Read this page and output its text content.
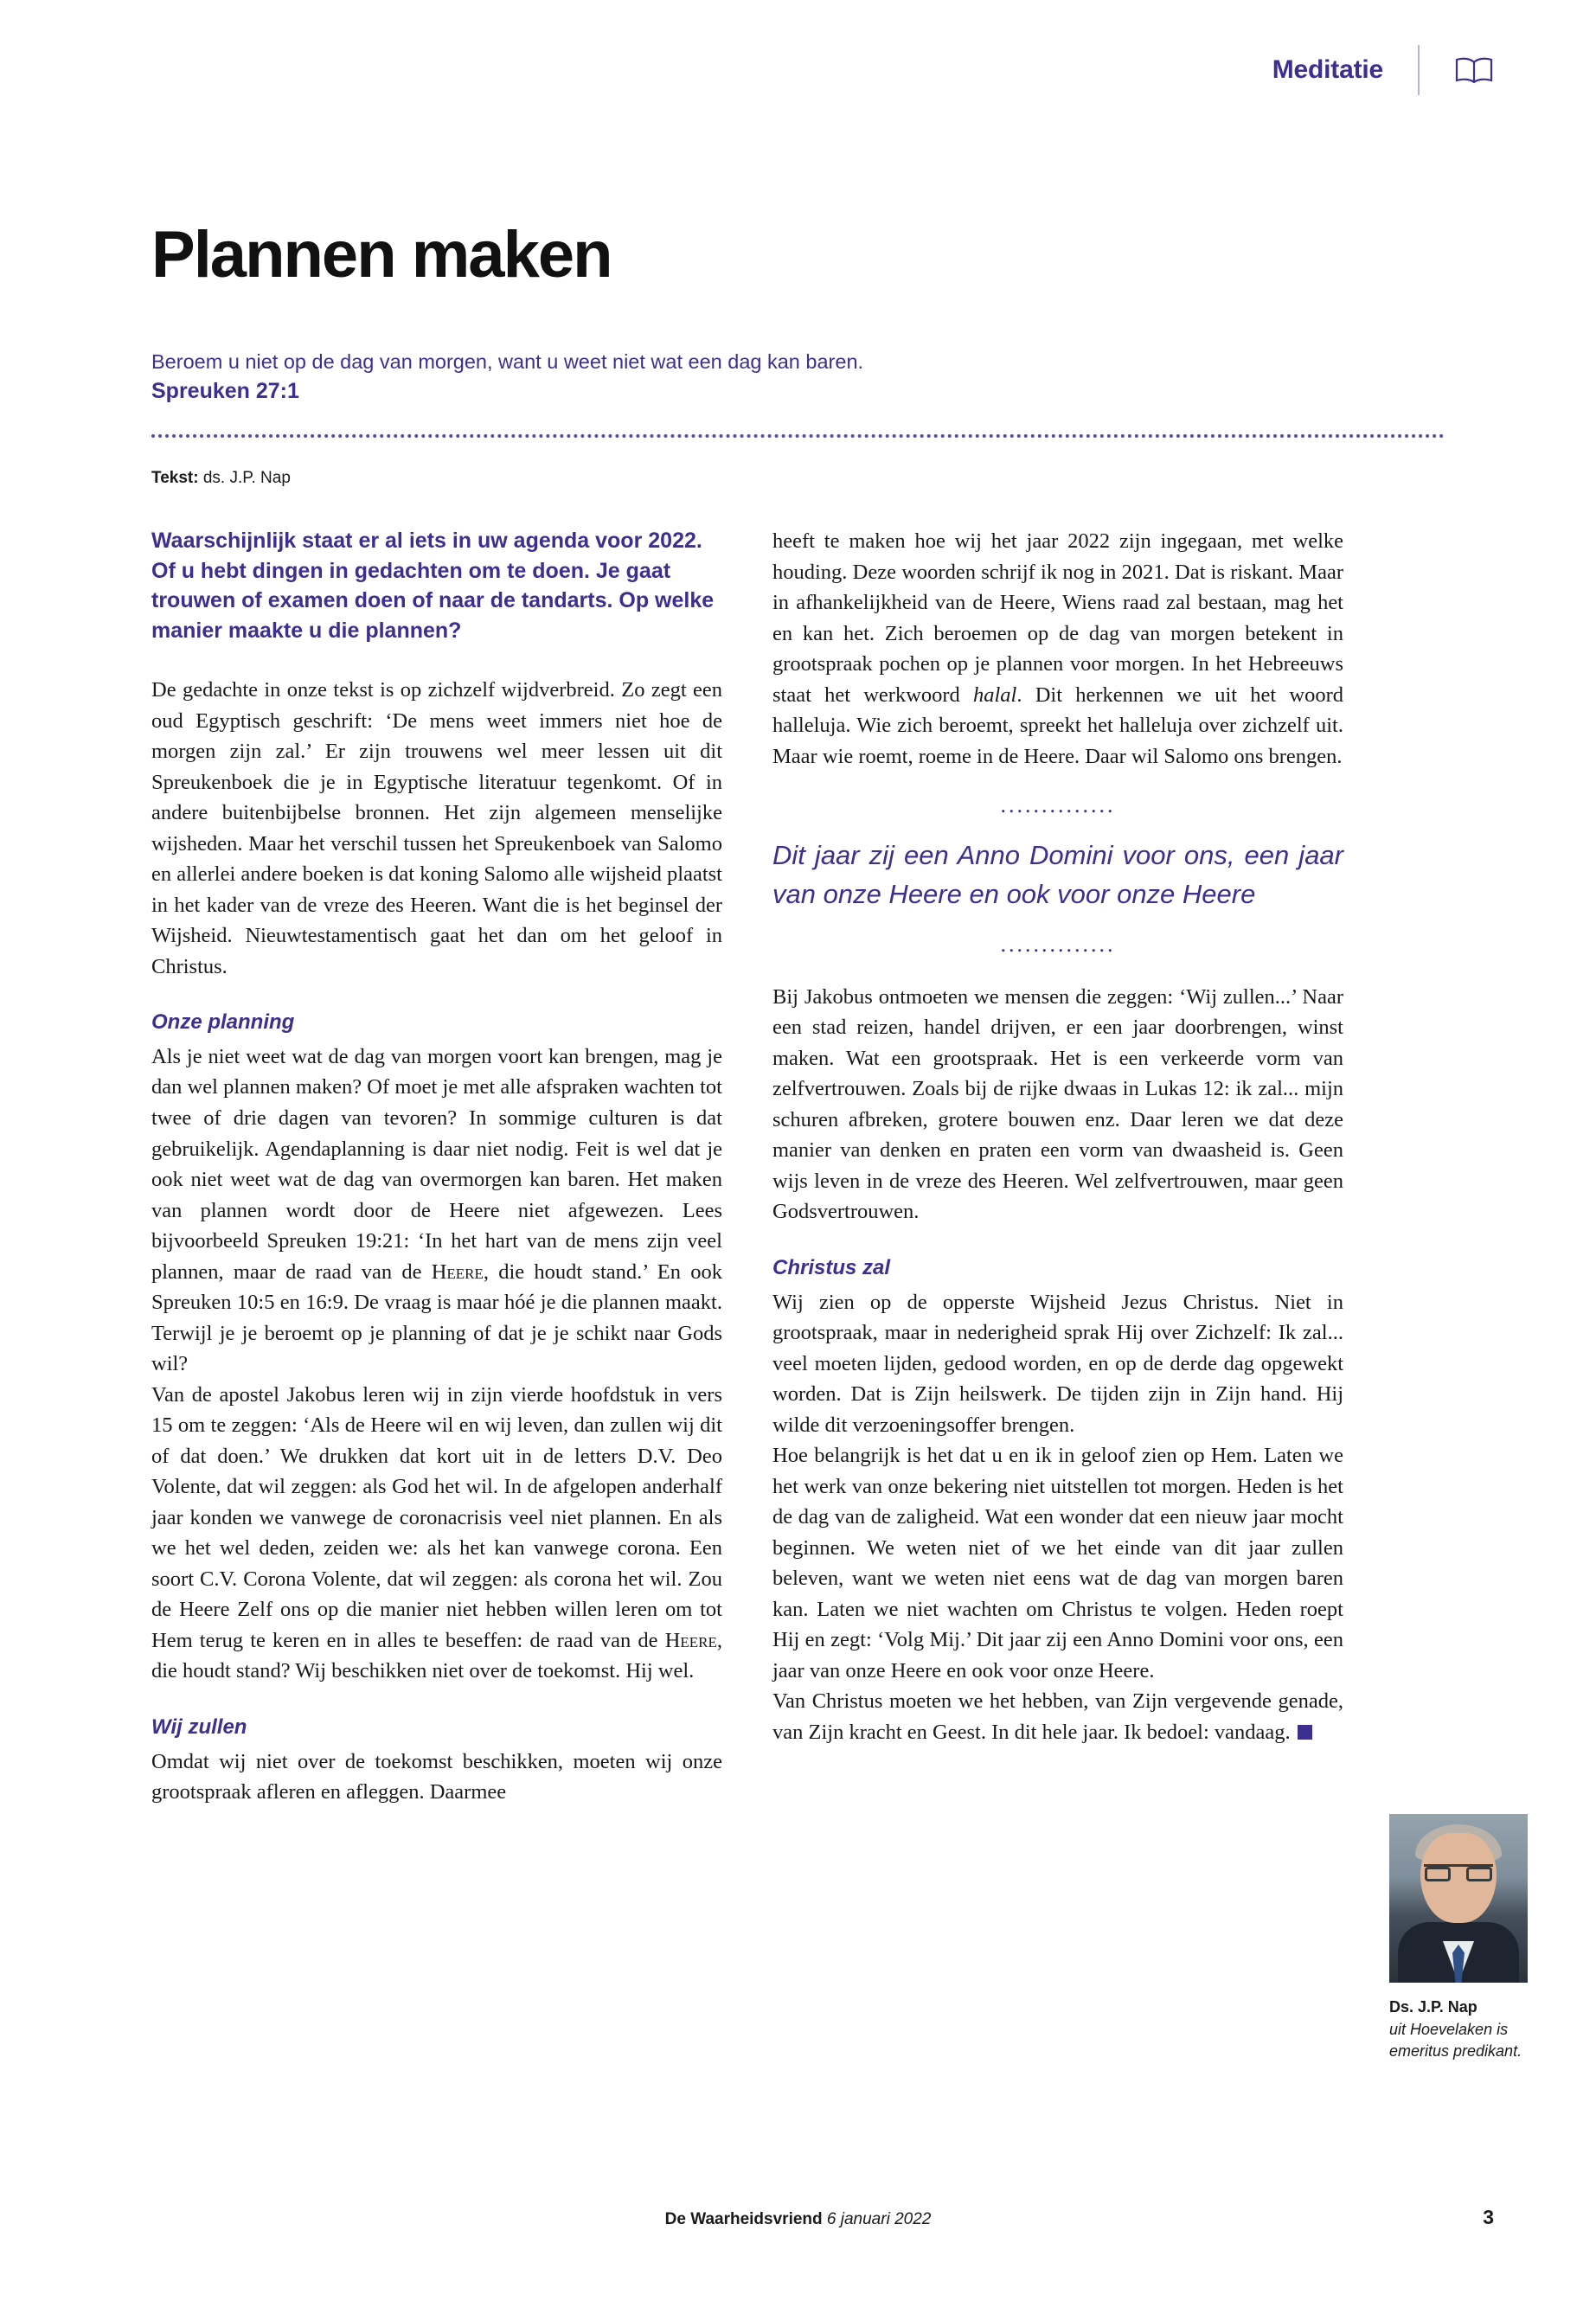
Meditatie
Plannen maken
Beroem u niet op de dag van morgen, want u weet niet wat een dag kan baren.
Spreuken 27:1
Tekst: ds. J.P. Nap

Waarschijnlijk staat er al iets in uw agenda voor 2022. Of u hebt dingen in gedachten om te doen. Je gaat trouwen of examen doen of naar de tandarts. Op welke manier maakte u die plannen?

De gedachte in onze tekst is op zichzelf wijdverbreid. Zo zegt een oud Egyptisch geschrift: ‘De mens weet immers niet hoe de morgen zijn zal.’ Er zijn trouwens wel meer lessen uit dit Spreukenboek die je in Egyptische literatuur tegenkomt. Of in andere buitenbijbelse bronnen. Het zijn algemeen menselijke wijsheden. Maar het verschil tussen het Spreukenboek van Salomo en allerlei andere boeken is dat koning Salomo alle wijsheid plaatst in het kader van de vreze des Heeren. Want die is het beginsel der Wijsheid. Nieuwtestamentisch gaat het dan om het geloof in Christus.

Onze planning

Als je niet weet wat de dag van morgen voort kan brengen, mag je dan wel plannen maken? Of moet je met alle afspraken wachten tot twee of drie dagen van tevoren? In sommige culturen is dat gebruikelijk. Agendaplanning is daar niet nodig. Feit is wel dat je ook niet weet wat de dag van overmorgen kan baren. Het maken van plannen wordt door de Heere niet afgewezen. Lees bijvoorbeeld Spreuken 19:21: ‘In het hart van de mens zijn veel plannen, maar de raad van de Heere, die houdt stand.’ En ook Spreuken 10:5 en 16:9. De vraag is maar hóé je die plannen maakt. Terwijl je je beroemt op je planning of dat je je schikt naar Gods wil?

Van de apostel Jakobus leren wij in zijn vierde hoofdstuk in vers 15 om te zeggen: ‘Als de Heere wil en wij leven, dan zullen wij dit of dat doen.’ We drukken dat kort uit in de letters D.V. Deo Volente, dat wil zeggen: als God het wil. In de afgelopen anderhalf jaar konden we vanwege de coronacrisis veel niet plannen. En als we het wel deden, zeiden we: als het kan vanwege corona. Een soort C.V. Corona Volente, dat wil zeggen: als corona het wil. Zou de Heere Zelf ons op die manier niet hebben willen leren om tot Hem terug te keren en in alles te beseffen: de raad van de Heere, die houdt stand? Wij beschikken niet over de toekomst. Hij wel.

Wij zullen

Omdat wij niet over de toekomst beschikken, moeten wij onze grootspraak afleren en afleggen. Daarmee

heeft te maken hoe wij het jaar 2022 zijn ingegaan, met welke houding. Deze woorden schrijf ik nog in 2021. Dat is riskant. Maar in afhankelijkheid van de Heere, Wiens raad zal bestaan, mag het en kan het. Zich beroemen op de dag van morgen betekent in grootspraak pochen op je plannen voor morgen. In het Hebreeuws staat het werkwoord halal. Dit herkennen we uit het woord halleluja. Wie zich beroemt, spreekt het halleluja over zichzelf uit. Maar wie roemt, roeme in de Heere. Daar wil Salomo ons brengen.

..............

Dit jaar zij een Anno Domini voor ons, een jaar van onze Heere en ook voor onze Heere

..............

Bij Jakobus ontmoeten we mensen die zeggen: ‘Wij zullen...’ Naar een stad reizen, handel drijven, er een jaar doorbrengen, winst maken. Wat een grootspraak. Het is een verkeerde vorm van zelfvertrouwen. Zoals bij de rijke dwaas in Lukas 12: ik zal... mijn schuren afbreken, grotere bouwen enz. Daar leren we dat deze manier van denken en praten een vorm van dwaasheid is. Geen wijs leven in de vreze des Heeren. Wel zelfvertrouwen, maar geen Godsvertrouwen.

Christus zal

Wij zien op de opperste Wijsheid Jezus Christus. Niet in grootspraak, maar in nederigheid sprak Hij over Zichzelf: Ik zal... veel moeten lijden, gedood worden, en op de derde dag opgewekt worden. Dat is Zijn heilswerk. De tijden zijn in Zijn hand. Hij wilde dit verzoeningsoffer brengen.

Hoe belangrijk is het dat u en ik in geloof zien op Hem. Laten we het werk van onze bekering niet uitstellen tot morgen. Heden is het de dag van de zaligheid. Wat een wonder dat een nieuw jaar mocht beginnen. We weten niet of we het einde van dit jaar zullen beleven, want we weten niet eens wat de dag van morgen baren kan. Laten we niet wachten om Christus te volgen. Heden roept Hij en zegt: ‘Volg Mij.’ Dit jaar zij een Anno Domini voor ons, een jaar van onze Heere en ook voor onze Heere.

Van Christus moeten we het hebben, van Zijn vergevende genade, van Zijn kracht en Geest. In dit hele jaar. Ik bedoel: vandaag.

Ds. J.P. Nap
uit Hoevelaken is
emeritus predikant.
De Waarheidsvriend 6 januari 2022	3
